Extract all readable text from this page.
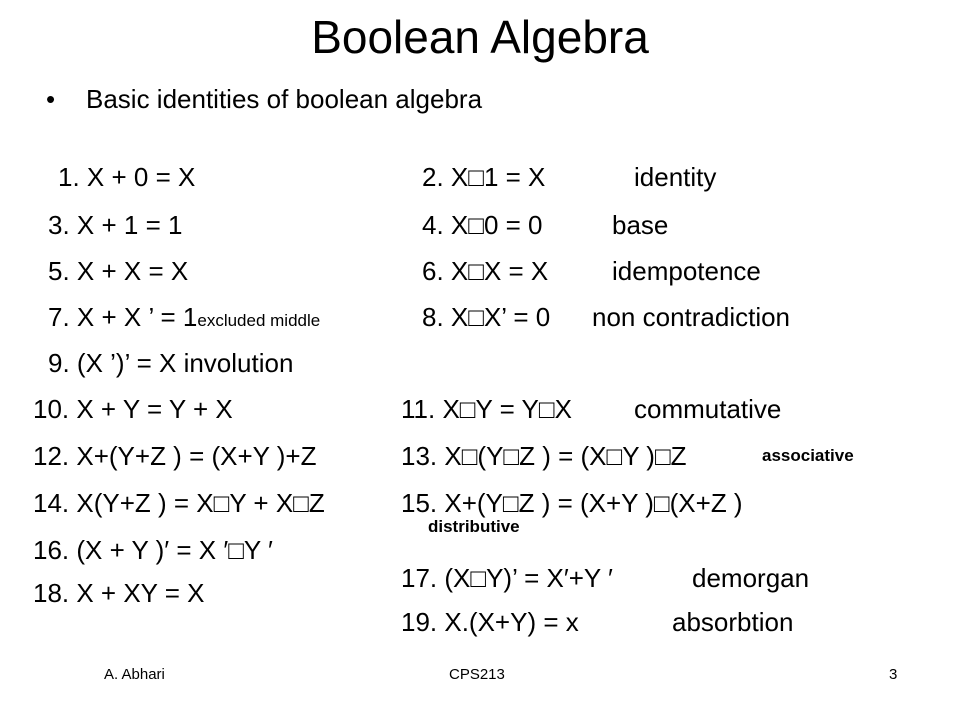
Boolean Algebra
• Basic identities of boolean algebra
1. X + 0 = X
3. X + 1 = 1
5. X + X = X
7. X + X ’ = 1excluded middle
9. (X ’)’ = X involution
10. X + Y = Y + X
12. X+(Y+Z ) = (X+Y )+Z
14. X(Y+Z ) = X□Y + X□Z
16. (X + Y )′ = X ′□Y ′
18. X + XY = X
2. X□1 = X
4. X□0 = 0
6. X□X = X
8. X□X’ = 0
11. X□Y = Y□X
13. X□(Y□Z ) = (X□Y )□Z
15. X+(Y□Z ) = (X+Y )□(X+Z )
17. (X□Y)’ = X′+Y ′
19. X.(X+Y) = x
identity
base
idempotence
non contradiction
commutative
associative
distributive
demorgan
absorbtion
A. Abhari	CPS213	3
